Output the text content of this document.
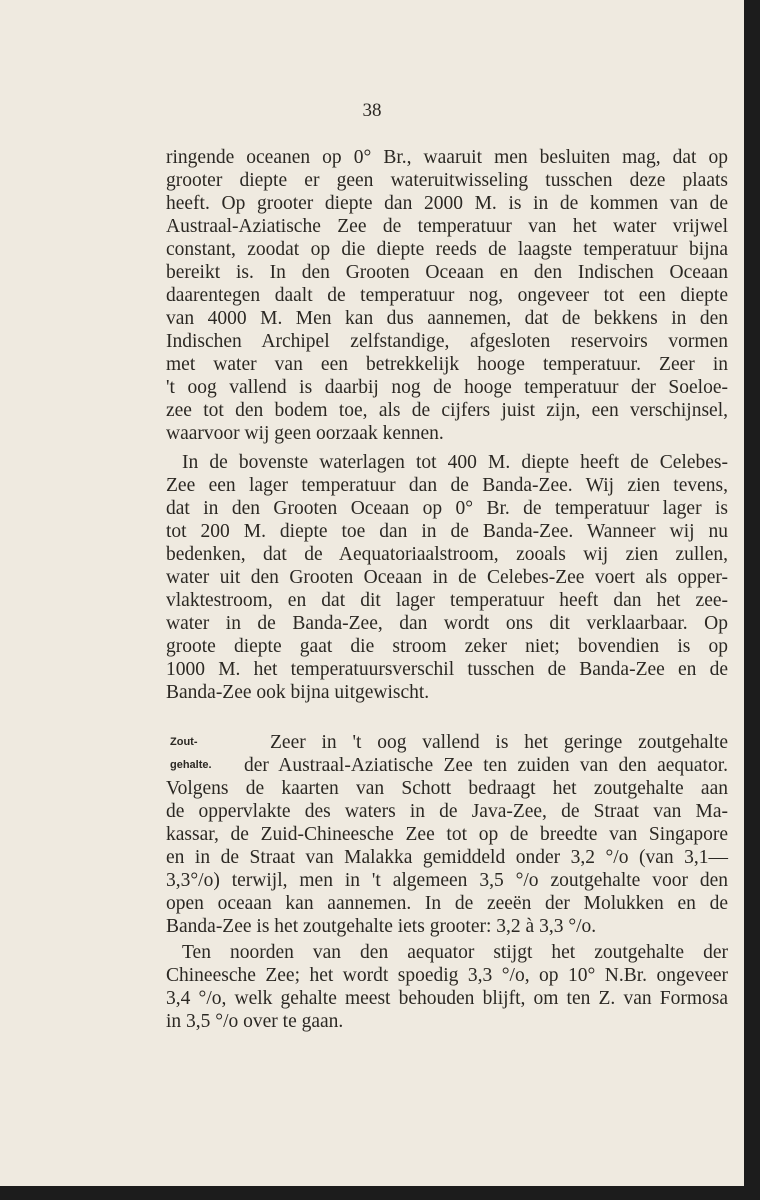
38
Zout-
gehalte.
ringende oceanen op 0° Br., waaruit men besluiten mag, dat op
grooter diepte er geen wateruitwisseling tusschen deze plaats
heeft. Op grooter diepte dan 2000 M. is in de kommen van de
Austraal-Aziatische Zee de temperatuur van het water vrijwel
constant, zoodat op die diepte reeds de laagste temperatuur bijna
bereikt is. In den Grooten Oceaan en den Indischen Oceaan
daarentegen daalt de temperatuur nog, ongeveer tot een diepte
van 4000 M. Men kan dus aannemen, dat de bekkens in den
Indischen Archipel zelfstandige, afgesloten reservoirs vormen
met water van een betrekkelijk hooge temperatuur. Zeer in
't oog vallend is daarbij nog de hooge temperatuur der Soeloe-
zee tot den bodem toe, als de cijfers juist zijn, een verschijnsel,
waarvoor wij geen oorzaak kennen.
In de bovenste waterlagen tot 400 M. diepte heeft de Celebes-
Zee een lager temperatuur dan de Banda-Zee. Wij zien tevens,
dat in den Grooten Oceaan op 0° Br. de temperatuur lager is
tot 200 M. diepte toe dan in de Banda-Zee. Wanneer wij nu
bedenken, dat de Aequatoriaalstroom, zooals wij zien zullen,
water uit den Grooten Oceaan in de Celebes-Zee voert als opper-
vlaktestroom, en dat dit lager temperatuur heeft dan het zee-
water in de Banda-Zee, dan wordt ons dit verklaarbaar. Op
groote diepte gaat die stroom zeker niet; bovendien is op
1000 M. het temperatuursverschil tusschen de Banda-Zee en de
Banda-Zee ook bijna uitgewischt.
Zeer in 't oog vallend is het geringe zoutgehalte
der Austraal-Aziatische Zee ten zuiden van den aequator.
Volgens de kaarten van Schott bedraagt het zoutgehalte aan
de oppervlakte des waters in de Java-Zee, de Straat van Ma-
kassar, de Zuid-Chineesche Zee tot op de breedte van Singapore
en in de Straat van Malakka gemiddeld onder 3,2 °/o (van 3,1—
3,3°/o) terwijl, men in 't algemeen 3,5 °/o zoutgehalte voor den
open oceaan kan aannemen. In de zeeën der Molukken en de
Banda-Zee is het zoutgehalte iets grooter: 3,2 à 3,3 °/o.
Ten noorden van den aequator stijgt het zoutgehalte der
Chineesche Zee; het wordt spoedig 3,3 °/o, op 10° N.Br. ongeveer
3,4 °/o, welk gehalte meest behouden blijft, om ten Z. van Formosa
in 3,5 °/o over te gaan.
